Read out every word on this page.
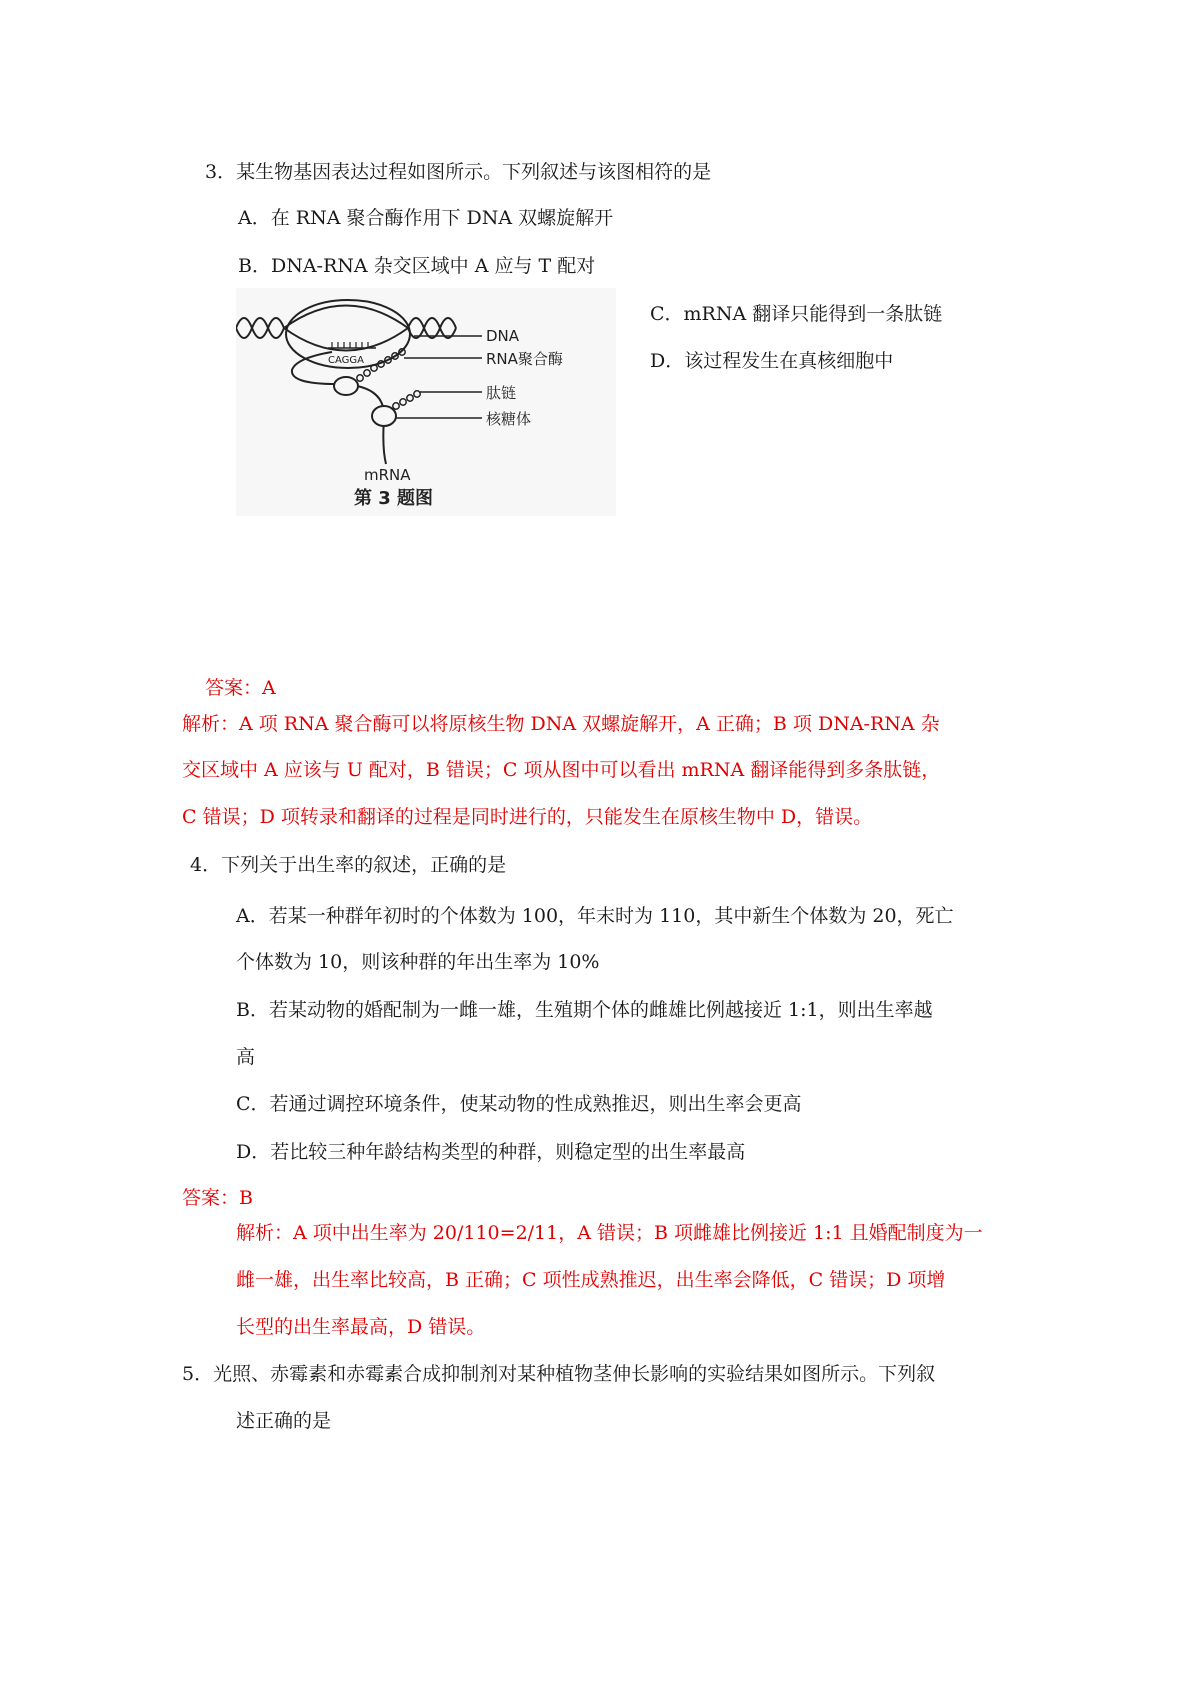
3．某生物基因表达过程如图所示。下列叙述与该图相符的是
A．在 RNA 聚合酶作用下 DNA 双螺旋解开
B．DNA-RNA 杂交区域中 A 应与 T 配对
C．mRNA 翻译只能得到一条肽链
D．该过程发生在真核细胞中
CAGGA
DNA
RNA聚合酶
肽链
核糖体
mRNA
第 3 题图
答案：A
解析：A 项 RNA 聚合酶可以将原核生物 DNA 双螺旋解开，A 正确；B 项 DNA-RNA 杂
交区域中 A 应该与 U 配对，B 错误；C 项从图中可以看出 mRNA 翻译能得到多条肽链，
C 错误；D 项转录和翻译的过程是同时进行的，只能发生在原核生物中 D，错误。
4．下列关于出生率的叙述，正确的是
A．若某一种群年初时的个体数为 100，年末时为 110，其中新生个体数为 20，死亡
个体数为 10，则该种群的年出生率为 10%
B．若某动物的婚配制为一雌一雄，生殖期个体的雌雄比例越接近 1:1，则出生率越
高
C．若通过调控环境条件，使某动物的性成熟推迟，则出生率会更高
D．若比较三种年龄结构类型的种群，则稳定型的出生率最高
答案：B
解析：A 项中出生率为 20/110=2/11，A 错误；B 项雌雄比例接近 1:1 且婚配制度为一
雌一雄，出生率比较高，B 正确；C 项性成熟推迟，出生率会降低，C 错误；D 项增
长型的出生率最高，D 错误。
5．光照、赤霉素和赤霉素合成抑制剂对某种植物茎伸长影响的实验结果如图所示。下列叙
述正确的是
